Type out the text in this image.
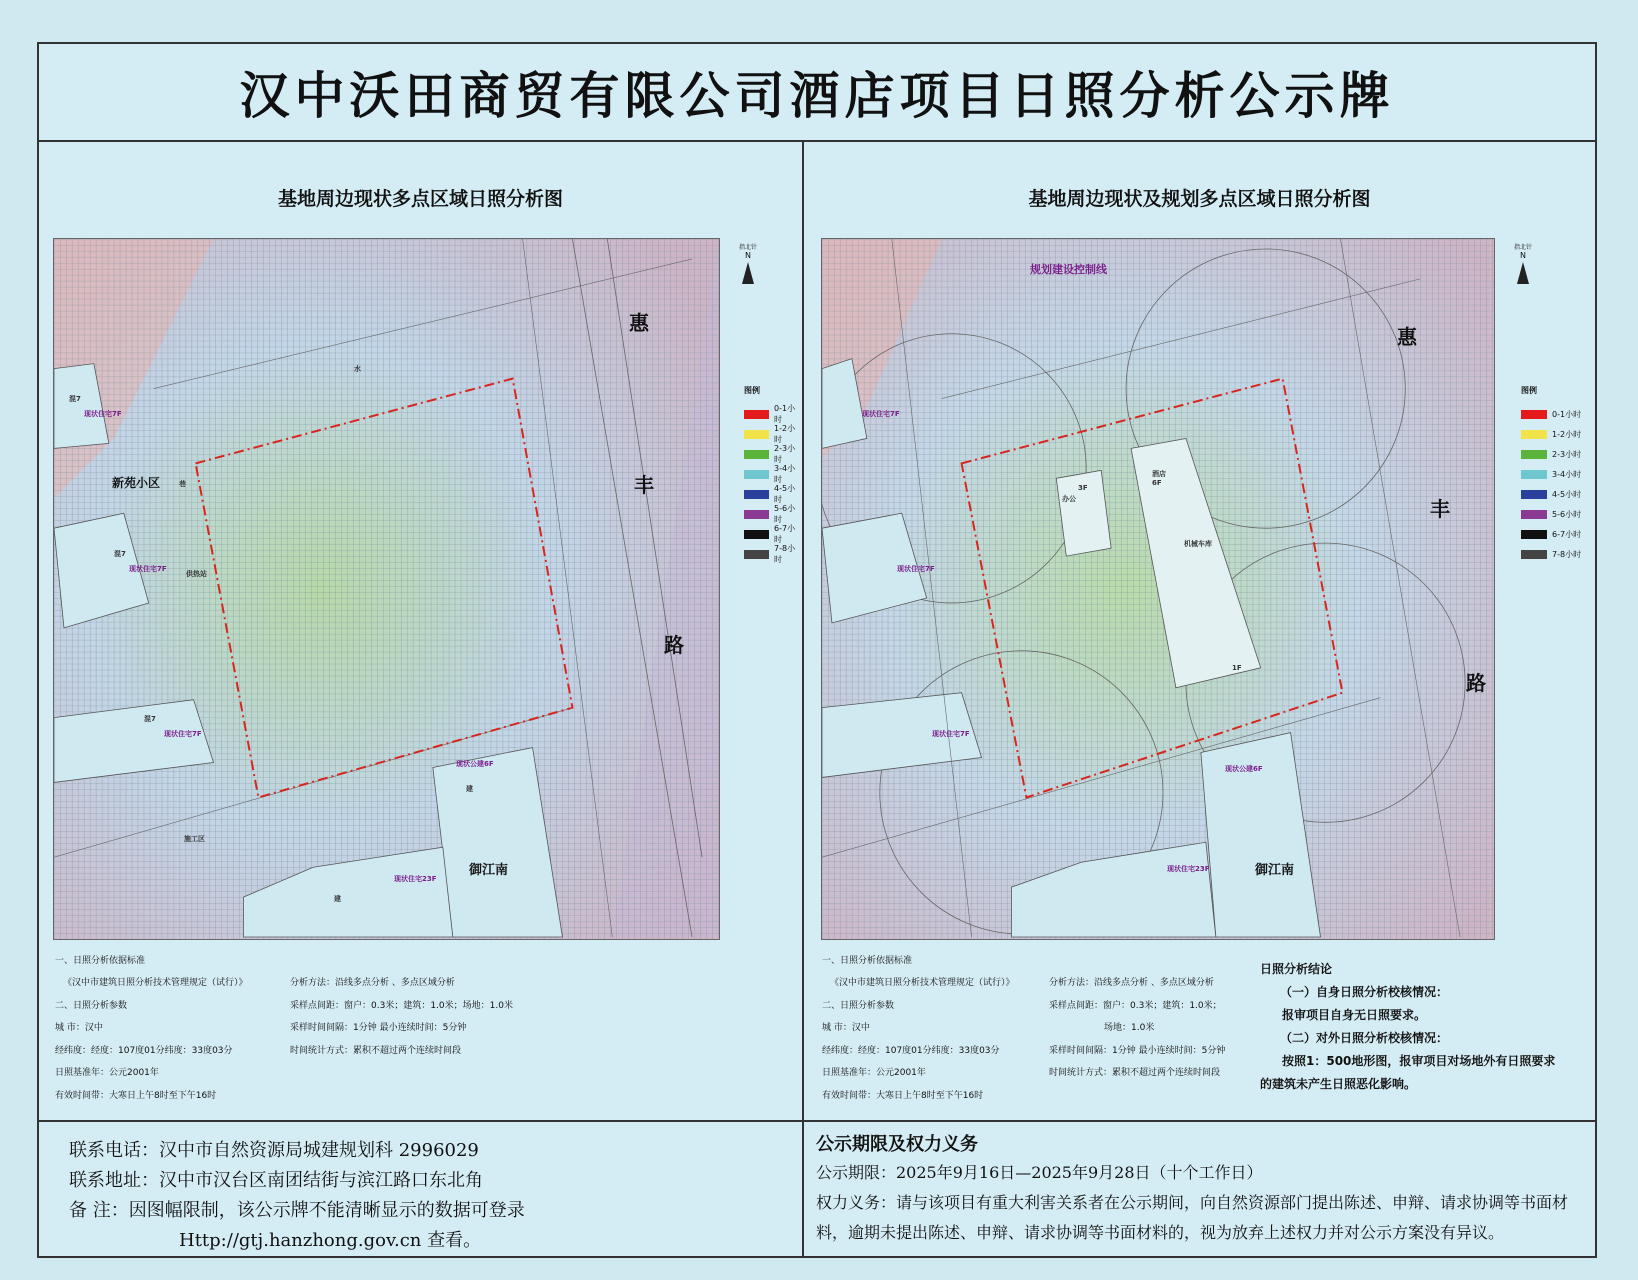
汉中沃田商贸有限公司酒店项目日照分析公示牌
基地周边现状多点区域日照分析图
惠
丰
路
新苑小区
御江南
现状住宅7F
现状住宅7F
现状住宅7F
现状公建6F
现状住宅23F
混7
混7
混7
建
建
施工区
供热站
水
巷
指北针
N
图例
0-1小时
1-2小时
2-3小时
3-4小时
4-5小时
5-6小时
6-7小时
7-8小时
一、日照分析依据标准
《汉中市建筑日照分析技术管理规定（试行）》	分析方法：沿线多点分析 、多点区域分析
二、日照分析参数	采样点间距：窗户：0.3米；建筑：1.0米；场地：1.0米
城 市：汉中	采样时间间隔：1分钟 最小连续时间：5分钟
经纬度：经度：107度01分纬度：33度03分	时间统计方式：累积不超过两个连续时间段
日照基准年：公元2001年
有效时间带：大寒日上午8时至下午16时
基地周边现状及规划多点区域日照分析图
惠
丰
路
御江南
规划建设控制线
现状住宅7F
现状住宅7F
现状住宅7F
现状公建6F
现状住宅23F
酒店
办公
机械车库
6F
3F
1F
指北针
N
图例
0-1小时
1-2小时
2-3小时
3-4小时
4-5小时
5-6小时
6-7小时
7-8小时
一、日照分析依据标准
《汉中市建筑日照分析技术管理规定（试行）》	分析方法：沿线多点分析 、多点区域分析
二、日照分析参数	采样点间距：窗户：0.3米；建筑：1.0米；
城 市：汉中	场地：1.0米
经纬度：经度：107度01分纬度：33度03分	采样时间间隔：1分钟 最小连续时间：5分钟
日照基准年：公元2001年	时间统计方式：累积不超过两个连续时间段
有效时间带：大寒日上午8时至下午16时
日照分析结论
（一）自身日照分析校核情况：
报审项目自身无日照要求。
（二）对外日照分析校核情况：
按照1：500地形图，报审项目对场地外有日照要求
的建筑未产生日照恶化影响。
联系电话：汉中市自然资源局城建规划科 2996029
联系地址：汉中市汉台区南团结街与滨江路口东北角
备 注：因图幅限制，该公示牌不能清晰显示的数据可登录
Http://gtj.hanzhong.gov.cn 查看。
公示期限及权力义务
公示期限：2025年9月16日—2025年9月28日（十个工作日）
权力义务：请与该项目有重大利害关系者在公示期间，向自然资源部门提出陈述、申辩、请求协调等书面材料，逾期未提出陈述、申辩、请求协调等书面材料的，视为放弃上述权力并对公示方案没有异议。
